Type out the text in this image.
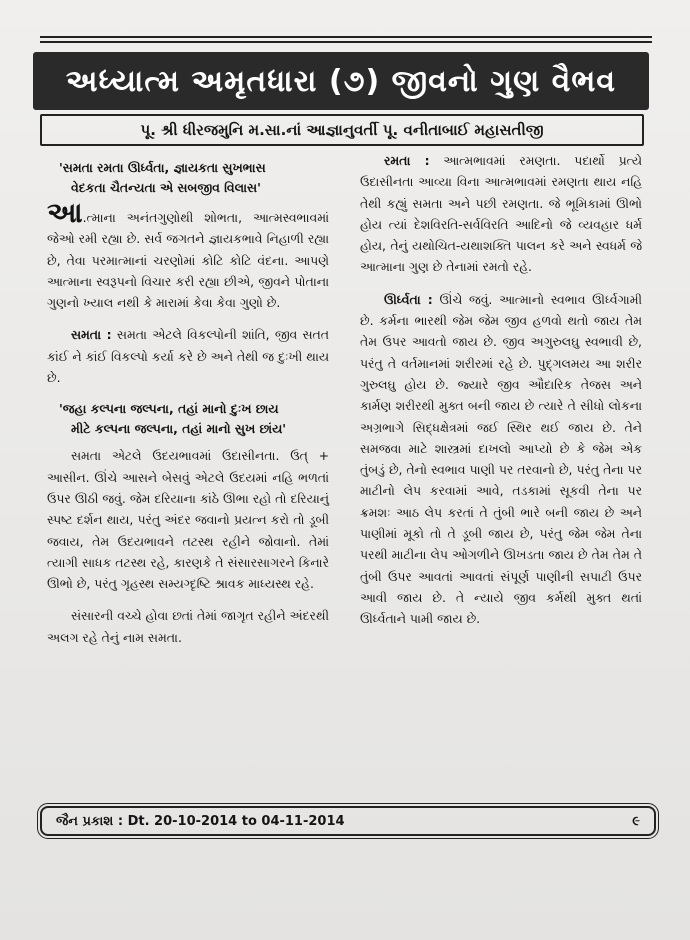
અધ્યાત્મ અમૃતધારા (૭) જીવનો ગુણ વૈભવ
પૂ. શ્રી ધીરજમુનિ મ.સા.નાં આજ્ઞાનુવર્તી પૂ. વનીતાબાઈ મહાસતીજી
'સમતા રમતા ઊર્ધ્વતા, જ્ઞાયકતા સુખભાસ
વેદકતા ચૈતન્યતા એ સબજીવ વિલાસ'

આ.ત્માના અનંતગુણોથી શોભતા, આત્મસ્વભાવમાં જેઓ રમી રહ્યા છે. સર્વ જગતને જ્ઞાયકભાવે નિહાળી રહ્યા છે, તેવા પરમાત્માનાં ચરણોમાં કોટિ કોટિ વંદના. આપણે આત્માના સ્વરૂપનો વિચાર કરી રહ્યા છીએ, જીવને પોતાના ગુણનો ખ્યાલ નથી કે મારામાં કેવા કેવા ગુણો છે.

સમતા : સમતા એટલે વિકલ્પોની શાંતિ, જીવ સતત કાંઈ ને કાંઈ વિકલ્પો કર્યા કરે છે અને તેથી જ દુઃખી થાય છે.

'જહા કલ્પના જલ્પના, તહાં માનો દુઃખ છાય
મીટે કલ્પના જલ્પના, તહાં માનો સુખ છાંય'

સમતા એટલે ઉદયભાવમાં ઉદાસીનતા. ઉત્ + આસીન. ઊંચે આસને બેસવું એટલે ઉદયમાં નહિ ભળતાં ઉપર ઊઠી જવું. જેમ દરિયાના કાંઠે ઊભા રહો તો દરિયાનું સ્પષ્ટ દર્શન થાય, પરંતુ અંદર જવાનો પ્રયત્ન કરો તો ડૂબી જવાય, તેમ ઉદયભાવને તટસ્થ રહીને જોવાનો. તેમાં ત્યાગી સાધક તટસ્થ રહે, કારણકે તે સંસારસાગરને કિનારે ઊભો છે, પરંતુ ગૃહસ્થ સમ્યગ્દૃષ્ટિ શ્રાવક માધ્યસ્થ રહે.

સંસારની વચ્ચે હોવા છતાં તેમાં જાગૃત રહીને અંદરથી અલગ રહે તેનું નામ સમતા.

રમતા : આત્મભાવમાં રમણતા. પદાર્થો પ્રત્યે ઉદાસીનતા આવ્યા વિના આત્મભાવમાં રમણતા થાય નહિ તેથી કહ્યું સમતા અને પછી રમણતા. જે ભૂમિકામાં ઊભો હોય ત્યાં દેશવિરતિ-સર્વવિરતિ આદિનો જે વ્યવહાર ધર્મ હોય, તેનું યથોચિત-યથાશક્તિ પાલન કરે અને સ્વધર્મ જે આત્માના ગુણ છે તેનામાં રમતો રહે.

ઊર્ધ્વતા : ઊંચે જવું. આત્માનો સ્વભાવ ઊર્ધ્વગામી છે. કર્મના ભારથી જેમ જેમ જીવ હળવો થતો જાય તેમ તેમ ઉપર આવતો જાય છે. જીવ અગુરુલઘુ સ્વભાવી છે, પરંતુ તે વર્તમાનમાં શરીરમાં રહે છે. પુદ્ગલમય આ શરીર ગુરુલઘુ હોય છે. જ્યારે જીવ ઔદારિક તેજસ અને કાર્મણ શરીરથી મુક્ત બની જાય છે ત્યારે તે સીધો લોકના અગ્રભાગે સિદ્ધક્ષેત્રમાં જઈ સ્થિર થઈ જાય છે. તેને સમજવા માટે શાસ્ત્રમાં દાખલો આપ્યો છે કે જેમ એક તુંબડું છે, તેનો સ્વભાવ પાણી પર તરવાનો છે, પરંતુ તેના પર માટીનો લેપ કરવામાં આવે, તડકામાં સૂકવી તેના પર ક્રમશઃ આઠ લેપ કરતાં તે તુંબી ભારે બની જાય છે અને પાણીમાં મૂકો તો તે ડૂબી જાય છે, પરંતુ જેમ જેમ તેના પરથી માટીના લેપ ઓગળીને ઊખડતા જાય છે તેમ તેમ તે તુંબી ઉપર આવતાં આવતાં સંપૂર્ણ પાણીની સપાટી ઉપર આવી જાય છે. તે ન્યાયે જીવ કર્મથી મુક્ત થતાં ઊર્ધ્વતાને પામી જાય છે.

જૈન પ્રકાશ : Dt. 20-10-2014 to 04-11-2014	૯
